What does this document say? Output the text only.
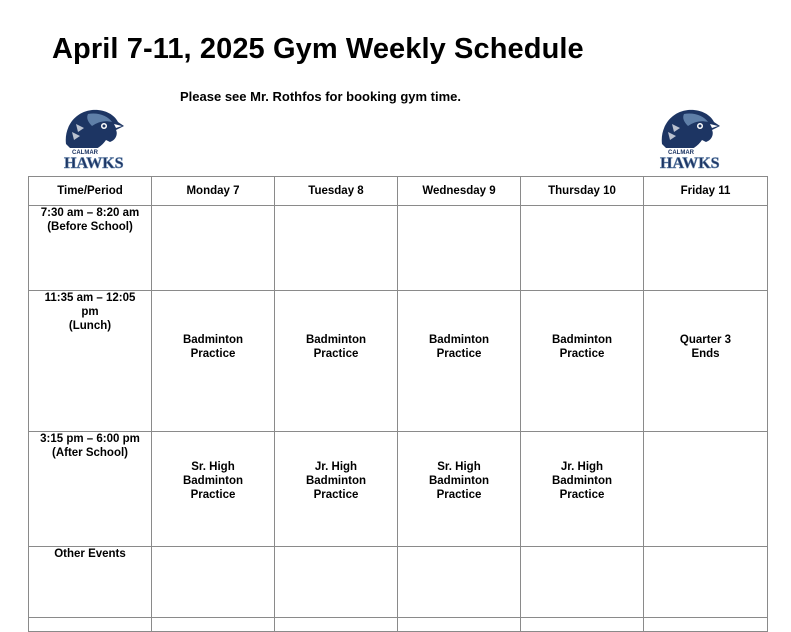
April 7-11, 2025 Gym Weekly Schedule
Please see Mr. Rothfos for booking gym time.
CALMAR
HAWKS
CALMAR
HAWKS
Time/Period	Monday 7	Tuesday 8	Wednesday 9	Thursday 10	Friday 11

7:30 am – 8:20 am
(Before School)					

11:35 am – 12:05
pm
(Lunch)	Badminton
Practice	Badminton
Practice	Badminton
Practice	Badminton
Practice	Quarter 3
Ends

3:15 pm – 6:00 pm
(After School)	Sr. High
Badminton
Practice	Jr. High
Badminton
Practice	Sr. High
Badminton
Practice	Jr. High
Badminton
Practice	

Other Events					
